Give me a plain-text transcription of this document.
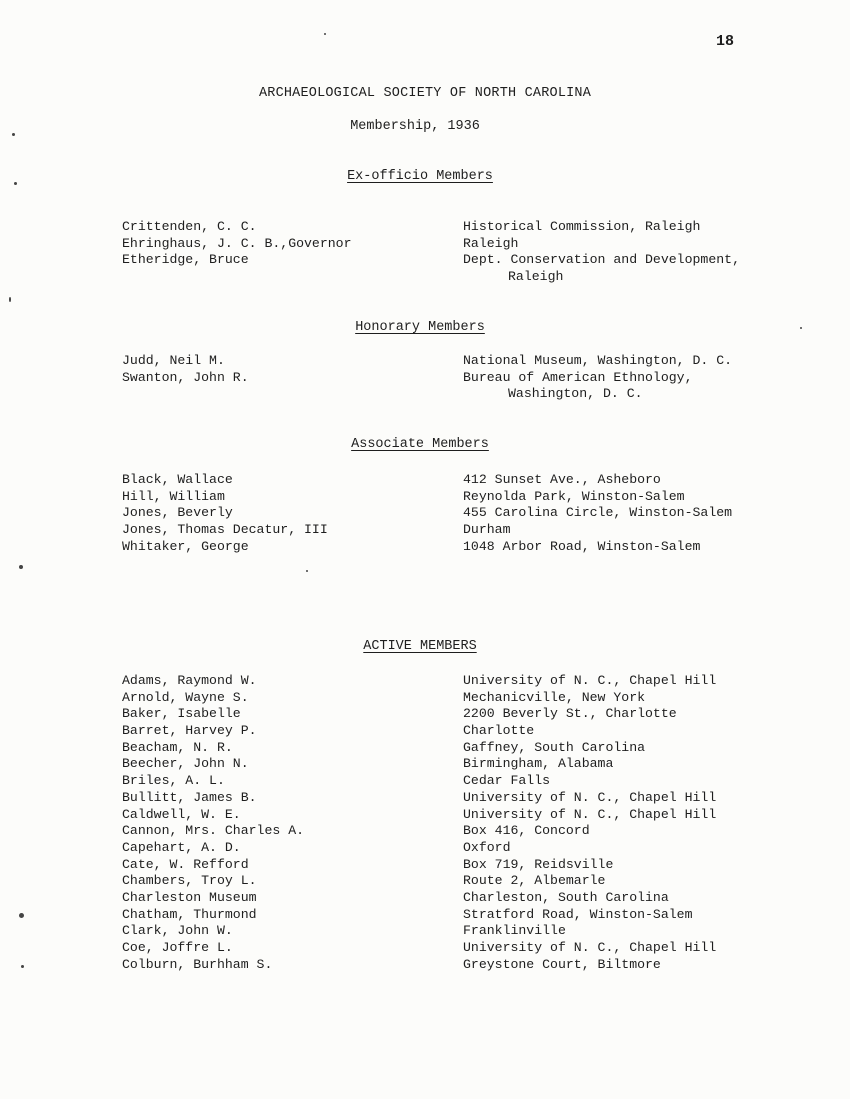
18
ARCHAEOLOGICAL SOCIETY OF NORTH CAROLINA
Membership, 1936
Ex-officio Members
Crittenden, C. C.	Historical Commission, Raleigh
Ehringhaus, J. C. B.,Governor	Raleigh
Etheridge, Bruce	Dept. Conservation and Development,
Raleigh
Honorary Members
Judd, Neil M.	National Museum, Washington, D. C.
Swanton, John R.	Bureau of American Ethnology,
Washington, D. C.
Associate Members
Black, Wallace	412 Sunset Ave., Asheboro
Hill, William	Reynolda Park, Winston-Salem
Jones, Beverly	455 Carolina Circle, Winston-Salem
Jones, Thomas Decatur, III	Durham
Whitaker, George	1048 Arbor Road, Winston-Salem
ACTIVE MEMBERS
Adams, Raymond W.	University of N. C., Chapel Hill
Arnold, Wayne S.	Mechanicville, New York
Baker, Isabelle	2200 Beverly St., Charlotte
Barret, Harvey P.	Charlotte
Beacham, N. R.	Gaffney, South Carolina
Beecher, John N.	Birmingham, Alabama
Briles, A. L.	Cedar Falls
Bullitt, James B.	University of N. C., Chapel Hill
Caldwell, W. E.	University of N. C., Chapel Hill
Cannon, Mrs. Charles A.	Box 416, Concord
Capehart, A. D.	Oxford
Cate, W. Refford	Box 719, Reidsville
Chambers, Troy L.	Route 2, Albemarle
Charleston Museum	Charleston, South Carolina
Chatham, Thurmond	Stratford Road, Winston-Salem
Clark, John W.	Franklinville
Coe, Joffre L.	University of N. C., Chapel Hill
Colburn, Burhham S.	Greystone Court, Biltmore
